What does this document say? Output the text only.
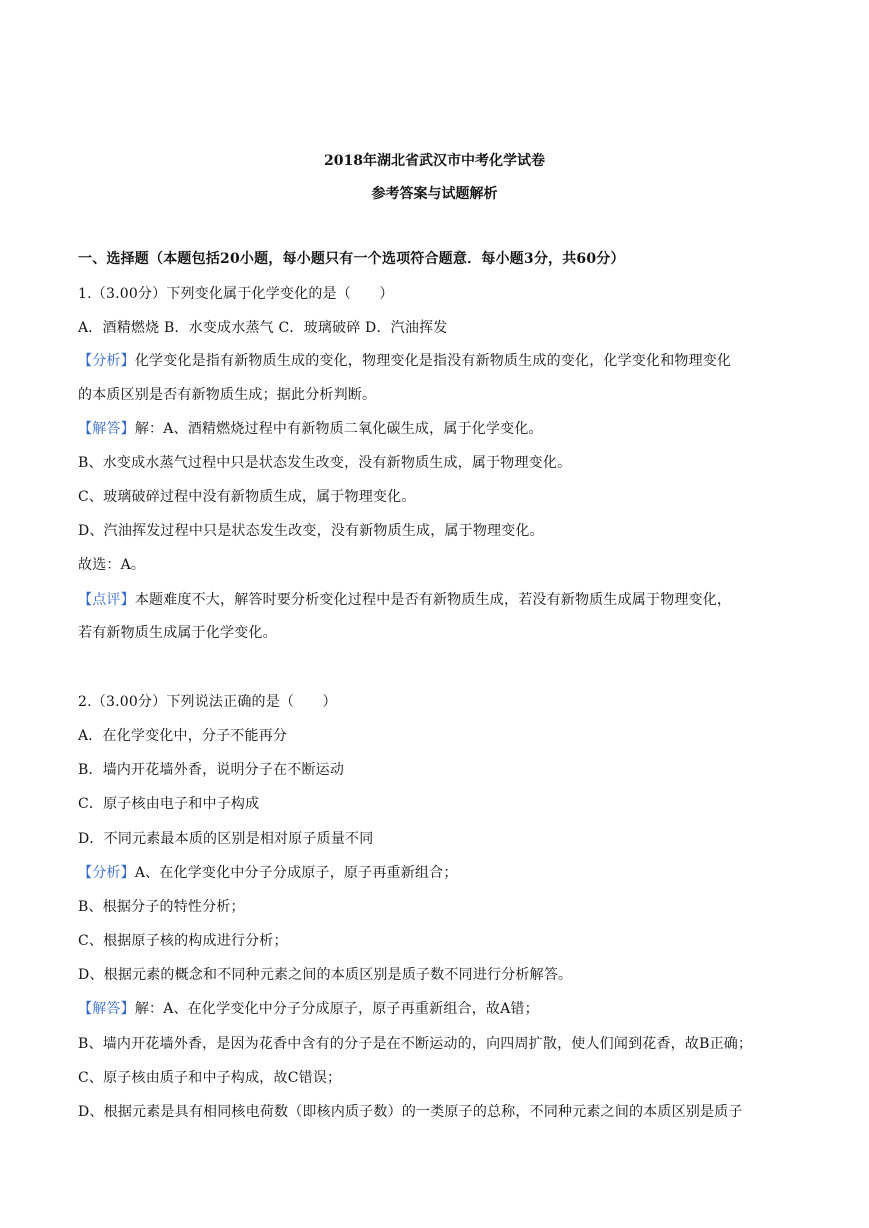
2018年湖北省武汉市中考化学试卷
参考答案与试题解析
一、选择题（本题包括20小题，每小题只有一个选项符合题意．每小题3分，共60分）
1.（3.00分）下列变化属于化学变化的是（　　）
A．酒精燃烧 B．水变成水蒸气 C．玻璃破碎 D．汽油挥发
【分析】化学变化是指有新物质生成的变化，物理变化是指没有新物质生成的变化，化学变化和物理变化
的本质区别是否有新物质生成；据此分析判断。
【解答】解：A、酒精燃烧过程中有新物质二氧化碳生成，属于化学变化。
B、水变成水蒸气过程中只是状态发生改变，没有新物质生成，属于物理变化。
C、玻璃破碎过程中没有新物质生成，属于物理变化。
D、汽油挥发过程中只是状态发生改变，没有新物质生成，属于物理变化。
故选：A。
【点评】本题难度不大，解答时要分析变化过程中是否有新物质生成，若没有新物质生成属于物理变化，
若有新物质生成属于化学变化。
2.（3.00分）下列说法正确的是（　　）
A．在化学变化中，分子不能再分
B．墙内开花墙外香，说明分子在不断运动
C．原子核由电子和中子构成
D．不同元素最本质的区别是相对原子质量不同
【分析】A、在化学变化中分子分成原子，原子再重新组合；
B、根据分子的特性分析；
C、根据原子核的构成进行分析；
D、根据元素的概念和不同种元素之间的本质区别是质子数不同进行分析解答。
【解答】解：A、在化学变化中分子分成原子，原子再重新组合，故A错；
B、墙内开花墙外香，是因为花香中含有的分子是在不断运动的，向四周扩散，使人们闻到花香，故B正确；
C、原子核由质子和中子构成，故C错误；
D、根据元素是具有相同核电荷数（即核内质子数）的一类原子的总称，不同种元素之间的本质区别是质子
